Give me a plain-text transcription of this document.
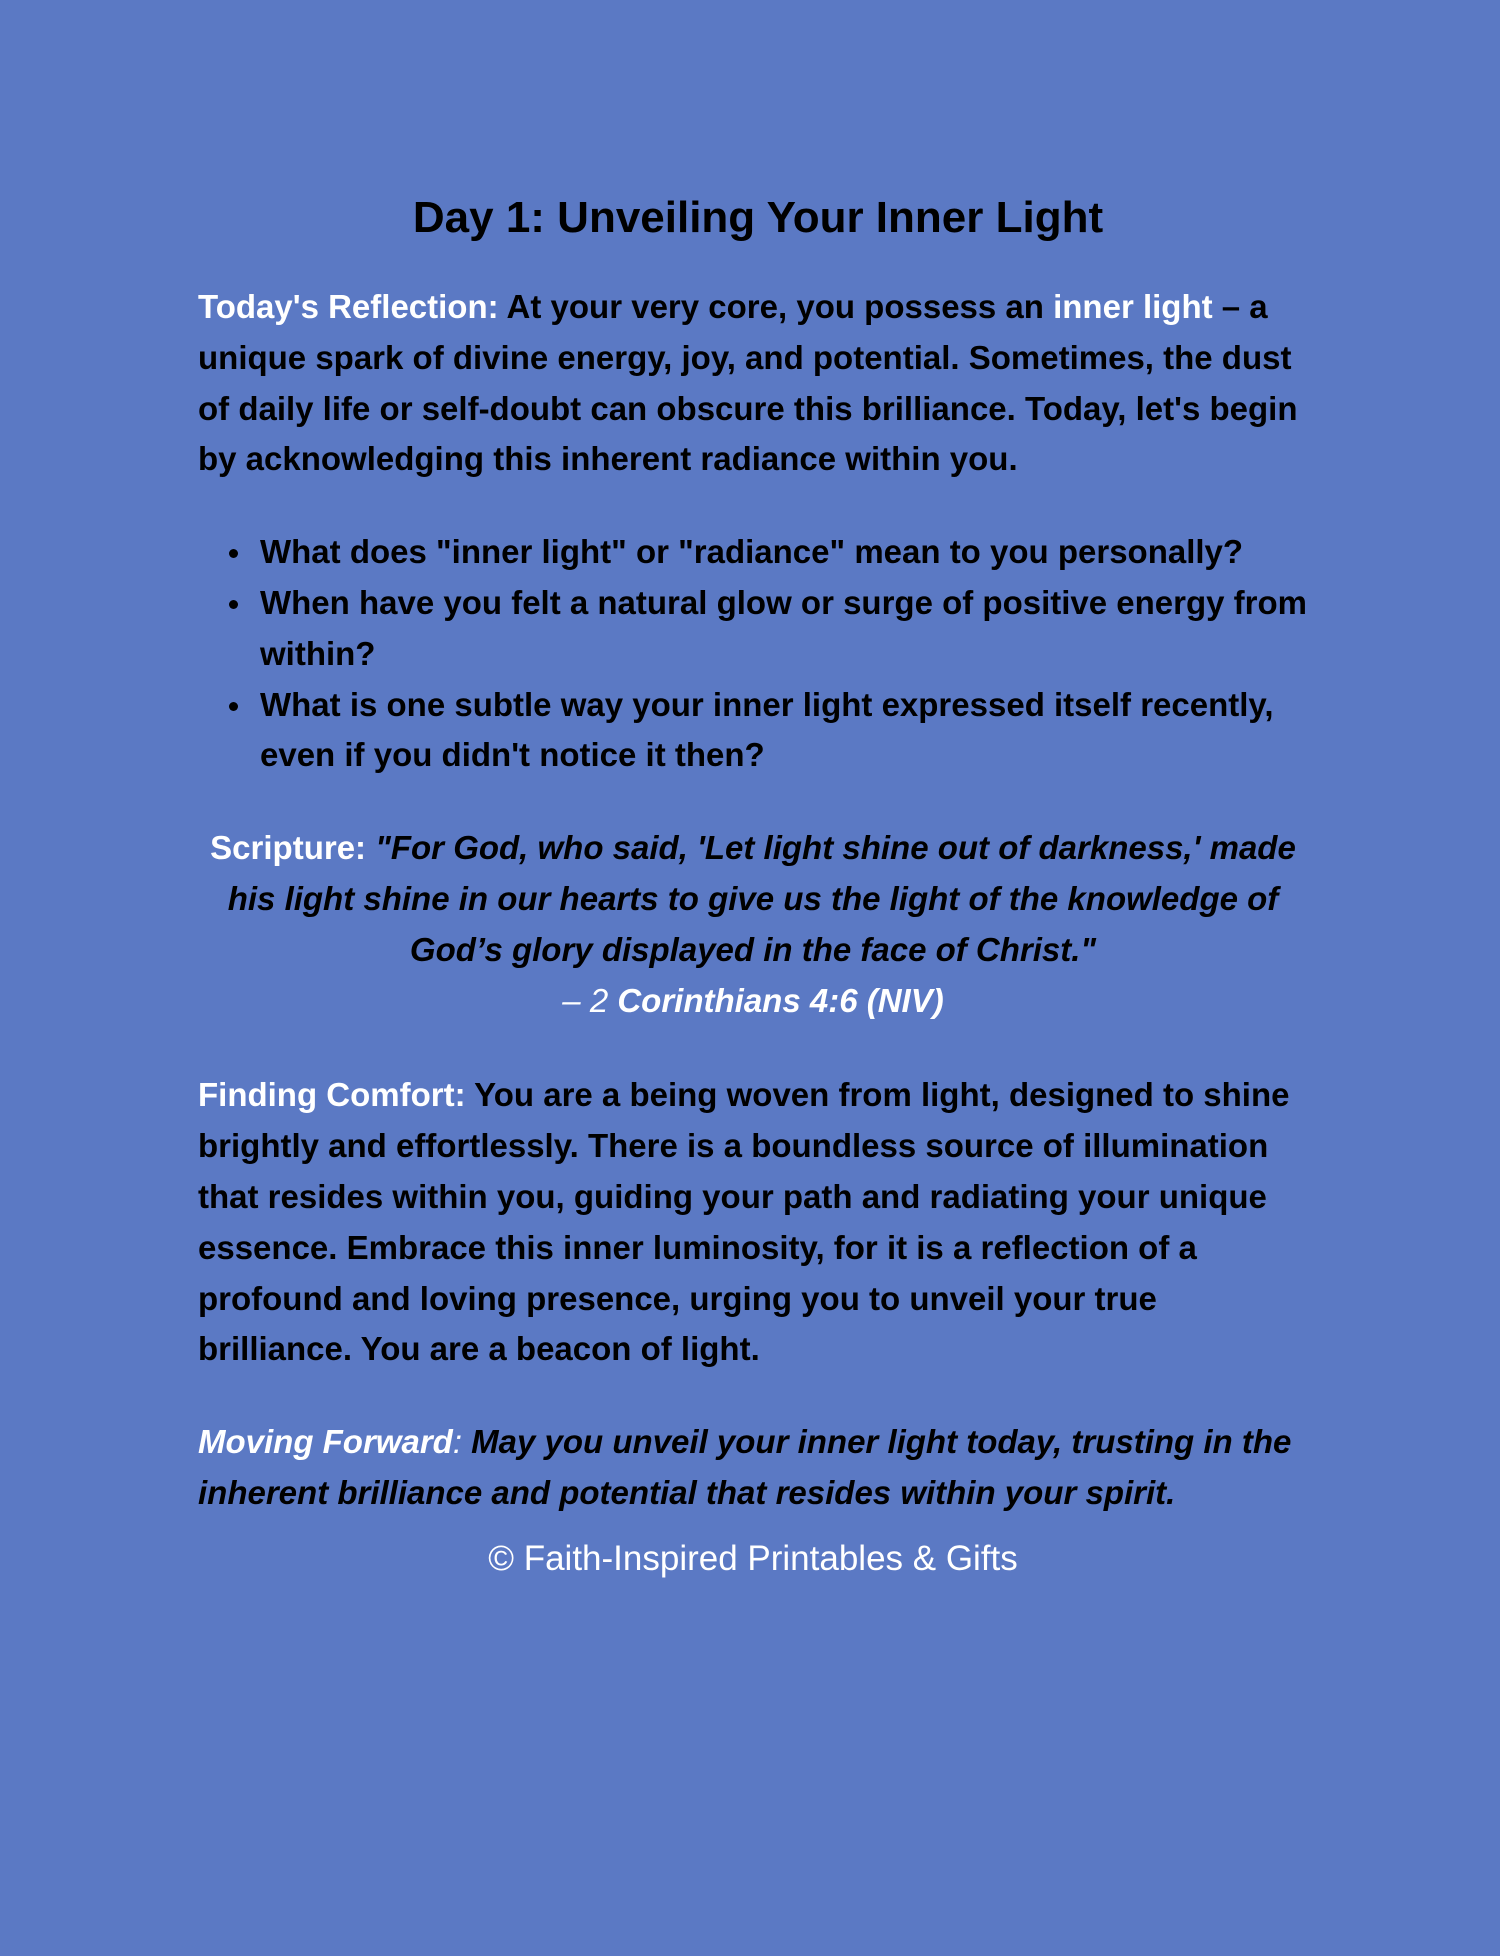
Day 1: Unveiling Your Inner Light

Today's Reflection: At your very core, you possess an inner light – a unique spark of divine energy, joy, and potential. Sometimes, the dust of daily life or self-doubt can obscure this brilliance. Today, let's begin by acknowledging this inherent radiance within you.

What does "inner light" or "radiance" mean to you personally?
When have you felt a natural glow or surge of positive energy from within?
What is one subtle way your inner light expressed itself recently, even if you didn't notice it then?

Scripture: "For God, who said, 'Let light shine out of darkness,' made his light shine in our hearts to give us the light of the knowledge of God’s glory displayed in the face of Christ."
– 2 Corinthians 4:6 (NIV)

Finding Comfort: You are a being woven from light, designed to shine brightly and effortlessly. There is a boundless source of illumination that resides within you, guiding your path and radiating your unique essence. Embrace this inner luminosity, for it is a reflection of a profound and loving presence, urging you to unveil your true brilliance. You are a beacon of light.

Moving Forward: May you unveil your inner light today, trusting in the inherent brilliance and potential that resides within your spirit.

© Faith-Inspired Printables & Gifts
